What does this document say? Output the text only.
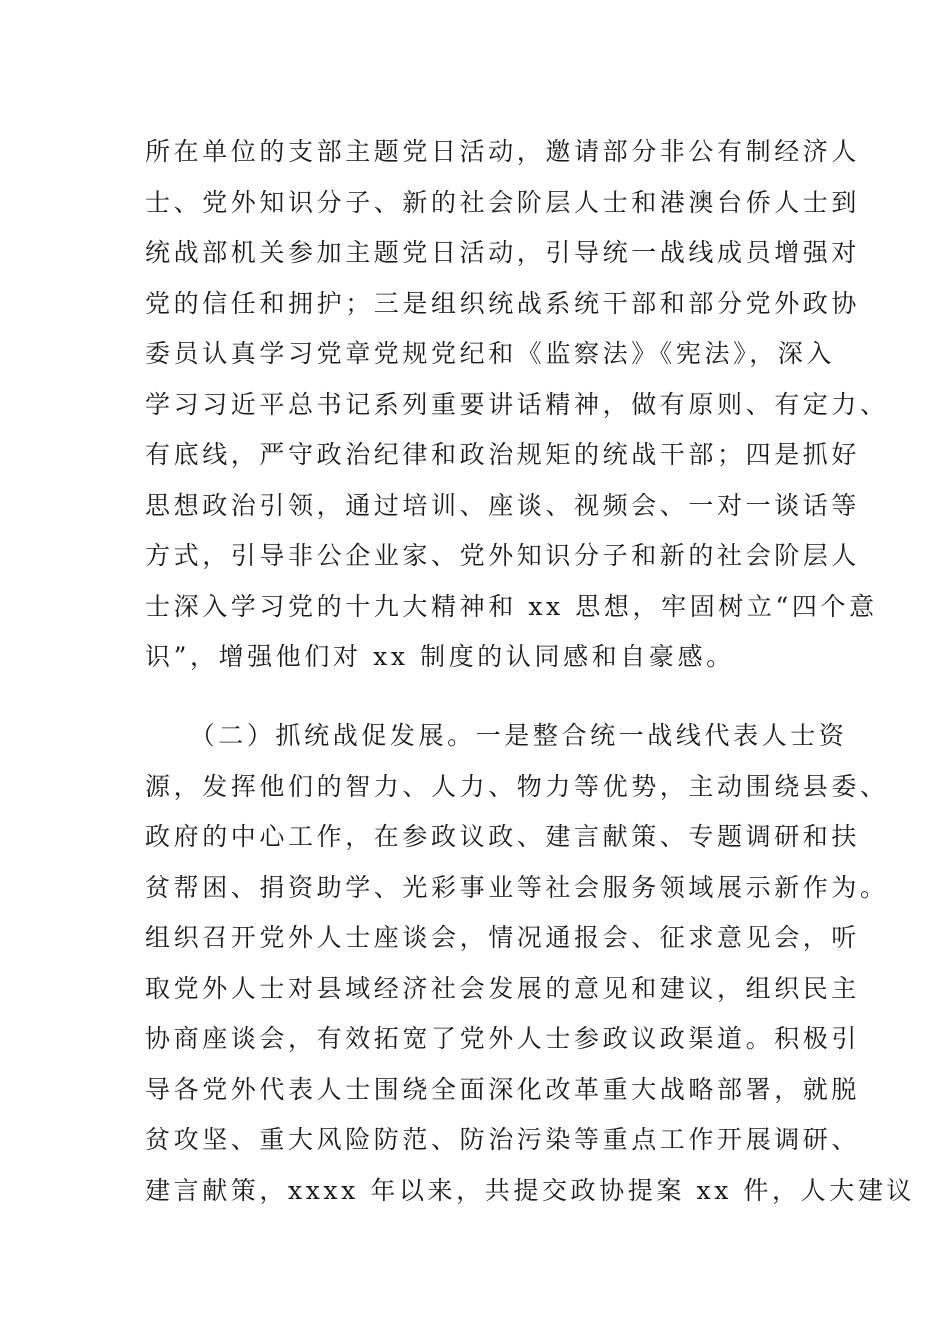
所在单位的支部主题党日活动，邀请部分非公有制经济人
士、党外知识分子、新的社会阶层人士和港澳台侨人士到
统战部机关参加主题党日活动，引导统一战线成员增强对
党的信任和拥护；三是组织统战系统干部和部分党外政协
委员认真学习党章党规党纪和《监察法》《宪法》，深入
学习习近平总书记系列重要讲话精神，做有原则、有定力、
有底线，严守政治纪律和政治规矩的统战干部；四是抓好
思想政治引领，通过培训、座谈、视频会、一对一谈话等
方式，引导非公企业家、党外知识分子和新的社会阶层人
士深入学习党的十九大精神和 xx 思想，牢固树立“四个意
识”，增强他们对 xx 制度的认同感和自豪感。
　　（二）抓统战促发展。一是整合统一战线代表人士资
源，发挥他们的智力、人力、物力等优势，主动围绕县委、
政府的中心工作，在参政议政、建言献策、专题调研和扶
贫帮困、捐资助学、光彩事业等社会服务领域展示新作为。
组织召开党外人士座谈会，情况通报会、征求意见会，听
取党外人士对县域经济社会发展的意见和建议，组织民主
协商座谈会，有效拓宽了党外人士参政议政渠道。积极引
导各党外代表人士围绕全面深化改革重大战略部署，就脱
贫攻坚、重大风险防范、防治污染等重点工作开展调研、
建言献策，xxxx 年以来，共提交政协提案 xx 件，人大建议
